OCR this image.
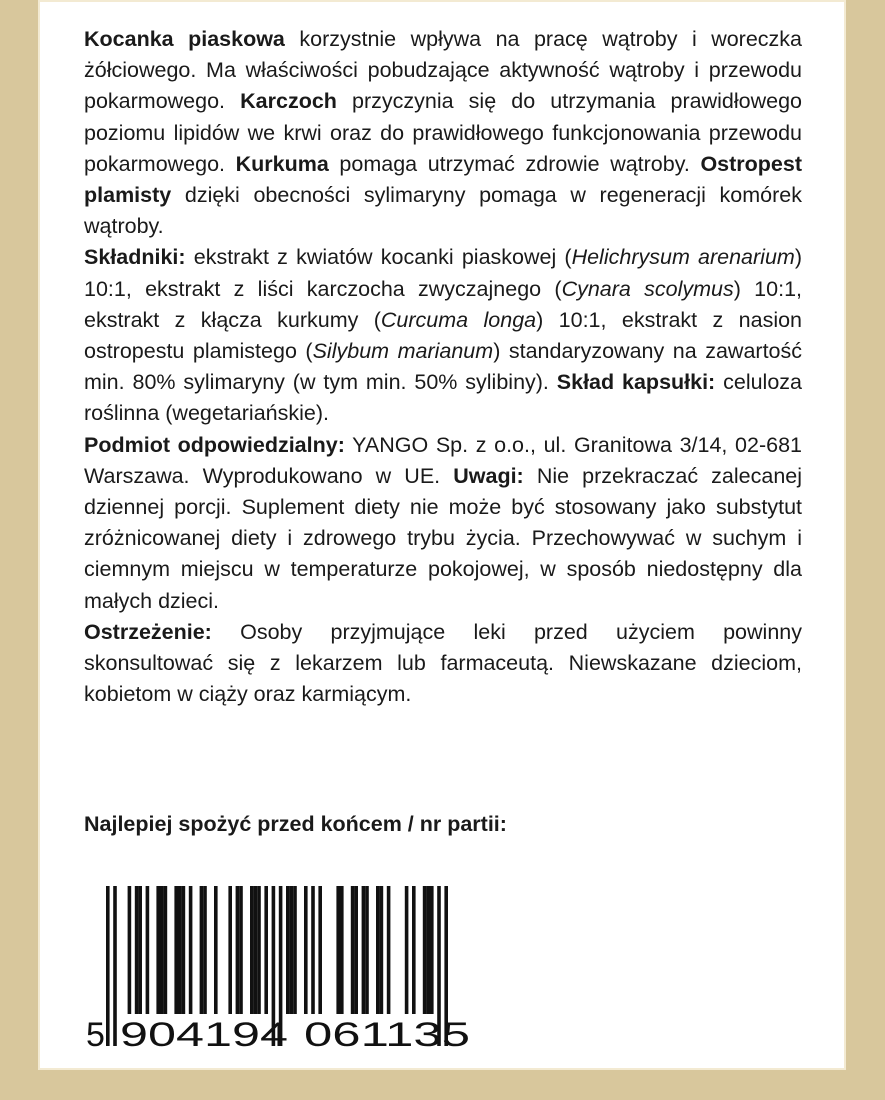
Kocanka piaskowa korzystnie wpływa na pracę wątroby i woreczka żółciowego. Ma właściwości pobudzające aktywność wątroby i przewodu pokarmowego. Karczoch przyczynia się do utrzymania prawidłowego poziomu lipidów we krwi oraz do prawidłowego funkcjonowania przewodu pokarmowego. Kurkuma pomaga utrzymać zdrowie wątroby. Ostropest plamisty dzięki obecności sylimaryny pomaga w regeneracji komórek wątroby.

Składniki: ekstrakt z kwiatów kocanki piaskowej (Helichrysum arenarium) 10:1, ekstrakt z liści karczocha zwyczajnego (Cynara scolymus) 10:1, ekstrakt z kłącza kurkumy (Curcuma longa) 10:1, ekstrakt z nasion ostropestu plamistego (Silybum marianum) standaryzowany na zawartość min. 80% sylimaryny (w tym min. 50% sylibiny). Skład kapsułki: celuloza roślinna (wegetariańskie).

Podmiot odpowiedzialny: YANGO Sp. z o.o., ul. Granitowa 3/14, 02-681 Warszawa. Wyprodukowano w UE. Uwagi: Nie przekraczać zalecanej dziennej porcji. Suplement diety nie może być stosowany jako substytut zróżnicowanej diety i zdrowego trybu życia. Przechowywać w suchym i ciemnym miejscu w temperaturze pokojowej, w sposób niedostępny dla małych dzieci.

Ostrzeżenie: Osoby przyjmujące leki przed użyciem powinny skonsultować się z lekarzem lub farmaceutą. Niewskazane dzieciom, kobietom w ciąży oraz karmiącym.

Najlepiej spożyć przed końcem / nr partii:
5 904194 061135
